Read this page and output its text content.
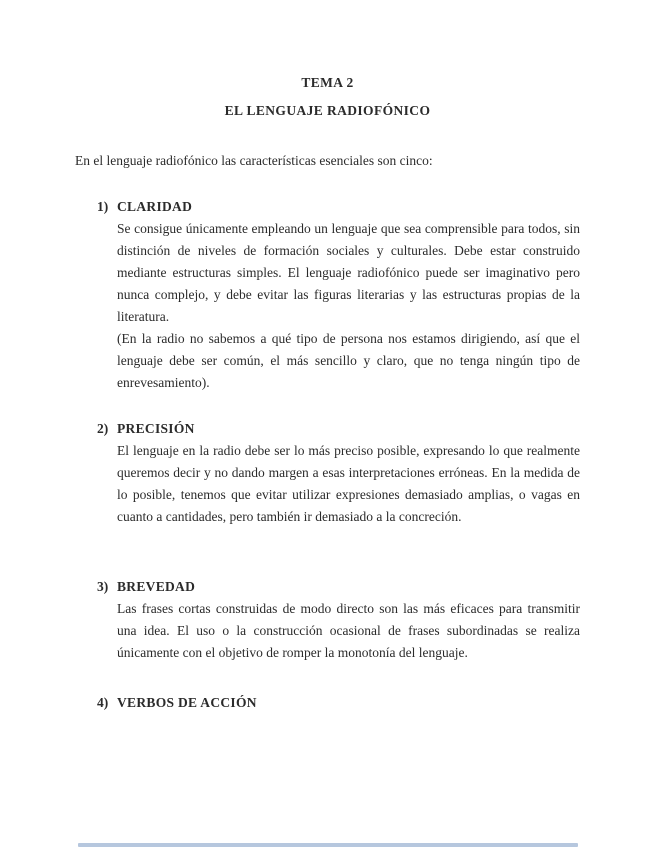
TEMA 2
EL LENGUAJE RADIOFÓNICO

En el lenguaje radiofónico las características esenciales son cinco:

1) CLARIDAD

Se consigue únicamente empleando un lenguaje que sea comprensible para todos, sin distinción de niveles de formación sociales y culturales. Debe estar construido mediante estructuras simples. El lenguaje radiofónico puede ser imaginativo pero nunca complejo, y debe evitar las figuras literarias y las estructuras propias de la literatura.

(En la radio no sabemos a qué tipo de persona nos estamos dirigiendo, así que el lenguaje debe ser común, el más sencillo y claro, que no tenga ningún tipo de enrevesamiento).

2) PRECISIÓN

El lenguaje en la radio debe ser lo más preciso posible, expresando lo que realmente queremos decir y no dando margen a esas interpretaciones erróneas. En la medida de lo posible, tenemos que evitar utilizar expresiones demasiado amplias, o vagas en cuanto a cantidades, pero también ir demasiado a la concreción.

3) BREVEDAD

Las frases cortas construidas de modo directo son las más eficaces para transmitir una idea. El uso o la construcción ocasional de frases subordinadas se realiza únicamente con el objetivo de romper la monotonía del lenguaje.

4) VERBOS DE ACCIÓN
